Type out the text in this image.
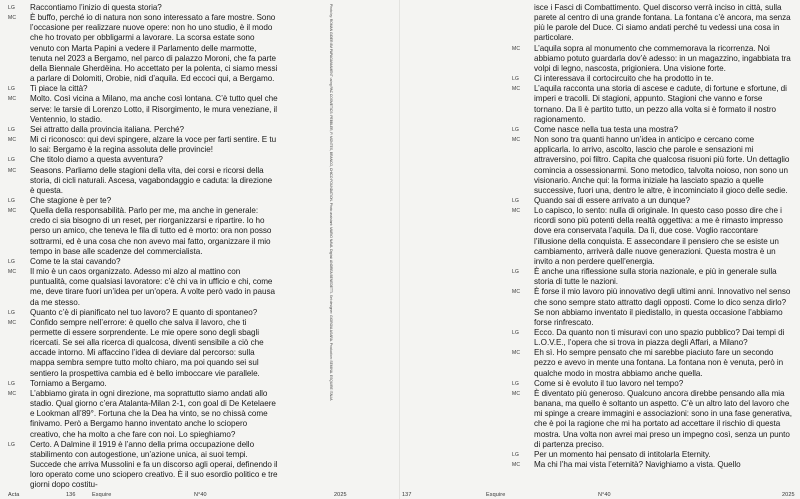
LG Raccontiamo l’inizio di questa storia?

MC È buffo, perché io di natura non sono interessato a fare mostre. Sono l’occasione per realizzare nuove opere: non ho uno studio, è il modo che ho trovato per obbligarmi a lavorare. La scorsa estate sono venuto con Marta Papini a vedere il Parlamento delle marmotte, tenuta nel 2023 a Bergamo, nel parco di palazzo Moroni, che fa parte della Biennale Gherdëina. Ho accettato per la polenta, ci siamo messi a parlare di Dolomiti, Orobie, nidi d’aquila. Ed eccoci qui, a Bergamo.

LG Ti piace la città?

MC Molto. Così vicina a Milano, ma anche così lontana. C’è tutto quel che serve: le tarsie di Lorenzo Lotto, il Risorgimento, le mura veneziane, il Ventennio, lo stadio.

LG Sei attratto dalla provincia italiana. Perché?

MC Mi ci riconosco: qui devi spingere, alzare la voce per farti sentire. E tu lo sai: Bergamo è la regina assoluta delle provincie!

LG Che titolo diamo a questa avventura?

MC Seasons. Parliamo delle stagioni della vita, dei corsi e ricorsi della storia, di cicli naturali. Ascesa, vagabondaggio e caduta: la direzione è questa.

LG Che stagione è per te?

MC Quella della responsabilità. Parlo per me, ma anche in generale: credo ci sia bisogno di un reset, per riorganizzarsi e ripartire. Io ho perso un amico, che teneva le fila di tutto ed è morto: ora non posso sottrarmi, ed è una cosa che non avevo mai fatto, organizzare il mio tempo in base alle scadenze del commercialista.

LG Come te la stai cavando?

MC Il mio è un caos organizzato. Adesso mi alzo al mattino con puntualità, come qualsiasi lavoratore: c’è chi va in ufficio e chi, come me, deve tirare fuori un’idea per un’opera. A volte però vado in pausa da me stesso.

LG Quanto c’è di pianificato nel tuo lavoro? E quanto di spontaneo?

MC Confido sempre nell’errore: è quello che salva il lavoro, che ti permette di essere sorprendente. Le mie opere sono degli sbagli ricercati. Se sei alla ricerca di qualcosa, diventi sensibile a ciò che accade intorno. Mi affaccino l’idea di deviare dal percorso: sulla mappa sembra sempre tutto molto chiaro, ma poi quando sei sul sentiero la prospettiva cambia ed è bello imboccare vie parallele.

LG Torniamo a Bergamo.

MC L’abbiamo girata in ogni direzione, ma soprattutto siamo andati allo stadio. Qual giorno c’era Atalanta-Milan 2-1, con goal di De Ketelaere e Lookman all’89°. Fortuna che la Dea ha vinto, se no chissà come finivamo. Però a Bergamo hanno inventato anche lo sciopero creativo, che ha molto a che fare con noi. Lo spieghiamo?

LG Certo. A Dalmine il 1919 è l’anno della prima occupazione dello stabilimento con autogestione, un’azione unica, ai suoi tempi. Succede che arriva Mussolini e fa un discorso agli operai, definendo il loro operato come uno sciopero creativo. È il suo esordio politico e tre giorni dopo costitu-

Photo by: ROMAN GIDER 8M PAPAGANIAMENT using PAC COSMETICS: PEBBLER, P. MONTES, BRANCO, CHICO FOUNDATION. Photo assistant: MARIO NAVA. Digital: ANDREA BENEDETTI. Set designer: GIORGIA ASARA. Production: SEMINA. ESQUIRE ITALIA
Acta	136	Esquire	N°40	2025

isce i Fasci di Combattimento. Quel discorso verrà inciso in città, sulla parete al centro di una grande fontana. La fontana c’è ancora, ma senza più le parole del Duce. Ci siamo andati perché tu vedessi una cosa in particolare.

MC L’aquila sopra al monumento che commemorava la ricorrenza. Noi abbiamo potuto guardarla dov’è adesso: in un magazzino, ingabbiata tra volpi di legno, nascosta, prigioniera. Una visione forte.

LG Ci interessava il cortocircuito che ha prodotto in te.

MC L’aquila racconta una storia di ascese e cadute, di fortune e sfortune, di imperi e tracolli. Di stagioni, appunto. Stagioni che vanno e forse tornano. Da lì è partito tutto, un pezzo alla volta si è formato il nostro ragionamento.

LG Come nasce nella tua testa una mostra?

MC Non sono tra quanti hanno un’idea in anticipo e cercano come applicarla. Io arrivo, ascolto, lascio che parole e sensazioni mi attraversino, poi filtro. Capita che qualcosa risuoni più forte. Un dettaglio comincia a ossessionarmi. Sono metodico, talvolta noioso, non sono un visionario. Anche qui: la forma iniziale ha lasciato spazio a quelle successive, fuori una, dentro le altre, è incominciato il gioco delle sedie.

LG Quando sai di essere arrivato a un dunque?

MC Lo capisco, lo sento: nulla di originale. In questo caso posso dire che i ricordi sono più potenti della realtà oggettiva: a me è rimasto impresso dove era conservata l’aquila. Da lì, due cose. Voglio raccontare l’illusione della conquista. E assecondare il pensiero che se esiste un cambiamento, arriverà dalle nuove generazioni. Questa mostra è un invito a non perdere quell’energia.

LG È anche una riflessione sulla storia nazionale, e più in generale sulla storia di tutte le nazioni.

MC È forse il mio lavoro più innovativo degli ultimi anni. Innovativo nel senso che sono sempre stato attratto dagli opposti. Come lo dico senza dirlo? Se non abbiamo inventato il piedistallo, in questa occasione l’abbiamo forse rinfrescato.

LG Ecco. Da quanto non ti misuravi con uno spazio pubblico? Dai tempi di L.O.V.E., l’opera che si trova in piazza degli Affari, a Milano?

MC Eh sì. Ho sempre pensato che mi sarebbe piaciuto fare un secondo pezzo e avevo in mente una fontana. La fontana non è venuta, però in qualche modo in mostra abbiamo anche quella.

LG Come si è evoluto il tuo lavoro nel tempo?

MC È diventato più generoso. Qualcuno ancora direbbe pensando alla mia banana, ma quello è soltanto un aspetto. C’è un altro lato del lavoro che mi spinge a creare immagini e associazioni: sono in una fase generativa, che è poi la ragione che mi ha portato ad accettare il rischio di questa mostra. Una volta non avrei mai preso un impegno così, senza un punto di partenza preciso.

LG Per un momento hai pensato di intitolarla Eternity.

MC Ma chi l’ha mai vista l’eternità? Navighiamo a vista. Quello

137	Esquire	N°40	2025
